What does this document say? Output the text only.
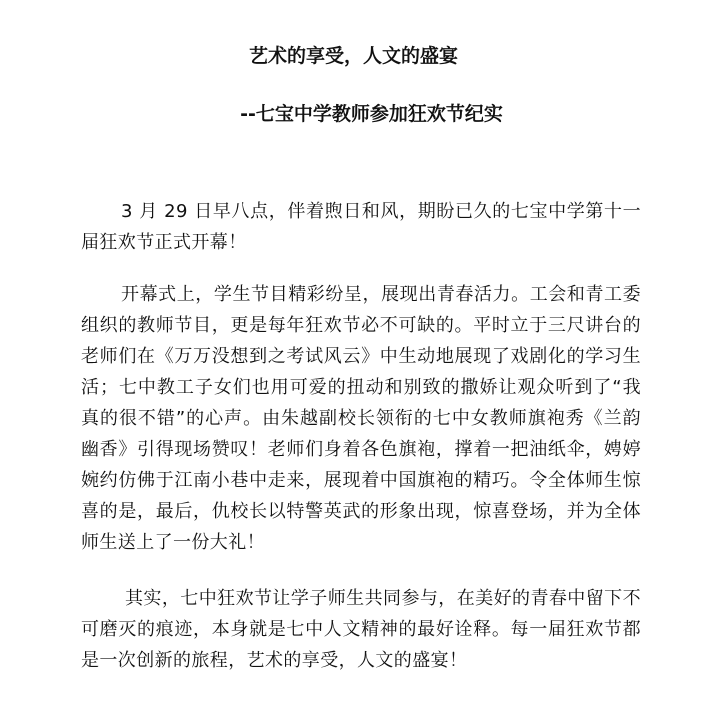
艺术的享受，人文的盛宴
--七宝中学教师参加狂欢节纪实
3 月 29 日早八点，伴着煦日和风，期盼已久的七宝中学第十一届狂欢节正式开幕！
开幕式上，学生节目精彩纷呈，展现出青春活力。工会和青工委组织的教师节目，更是每年狂欢节必不可缺的。平时立于三尺讲台的老师们在《万万没想到之考试风云》中生动地展现了戏剧化的学习生活；七中教工子女们也用可爱的扭动和别致的撒娇让观众听到了“我真的很不错”的心声。由朱越副校长领衔的七中女教师旗袍秀《兰韵幽香》引得现场赞叹！老师们身着各色旗袍，撑着一把油纸伞，娉婷婉约仿佛于江南小巷中走来，展现着中国旗袍的精巧。令全体师生惊喜的是，最后，仇校长以特警英武的形象出现，惊喜登场，并为全体师生送上了一份大礼！
其实，七中狂欢节让学子师生共同参与，在美好的青春中留下不可磨灭的痕迹，本身就是七中人文精神的最好诠释。每一届狂欢节都是一次创新的旅程，艺术的享受，人文的盛宴！
